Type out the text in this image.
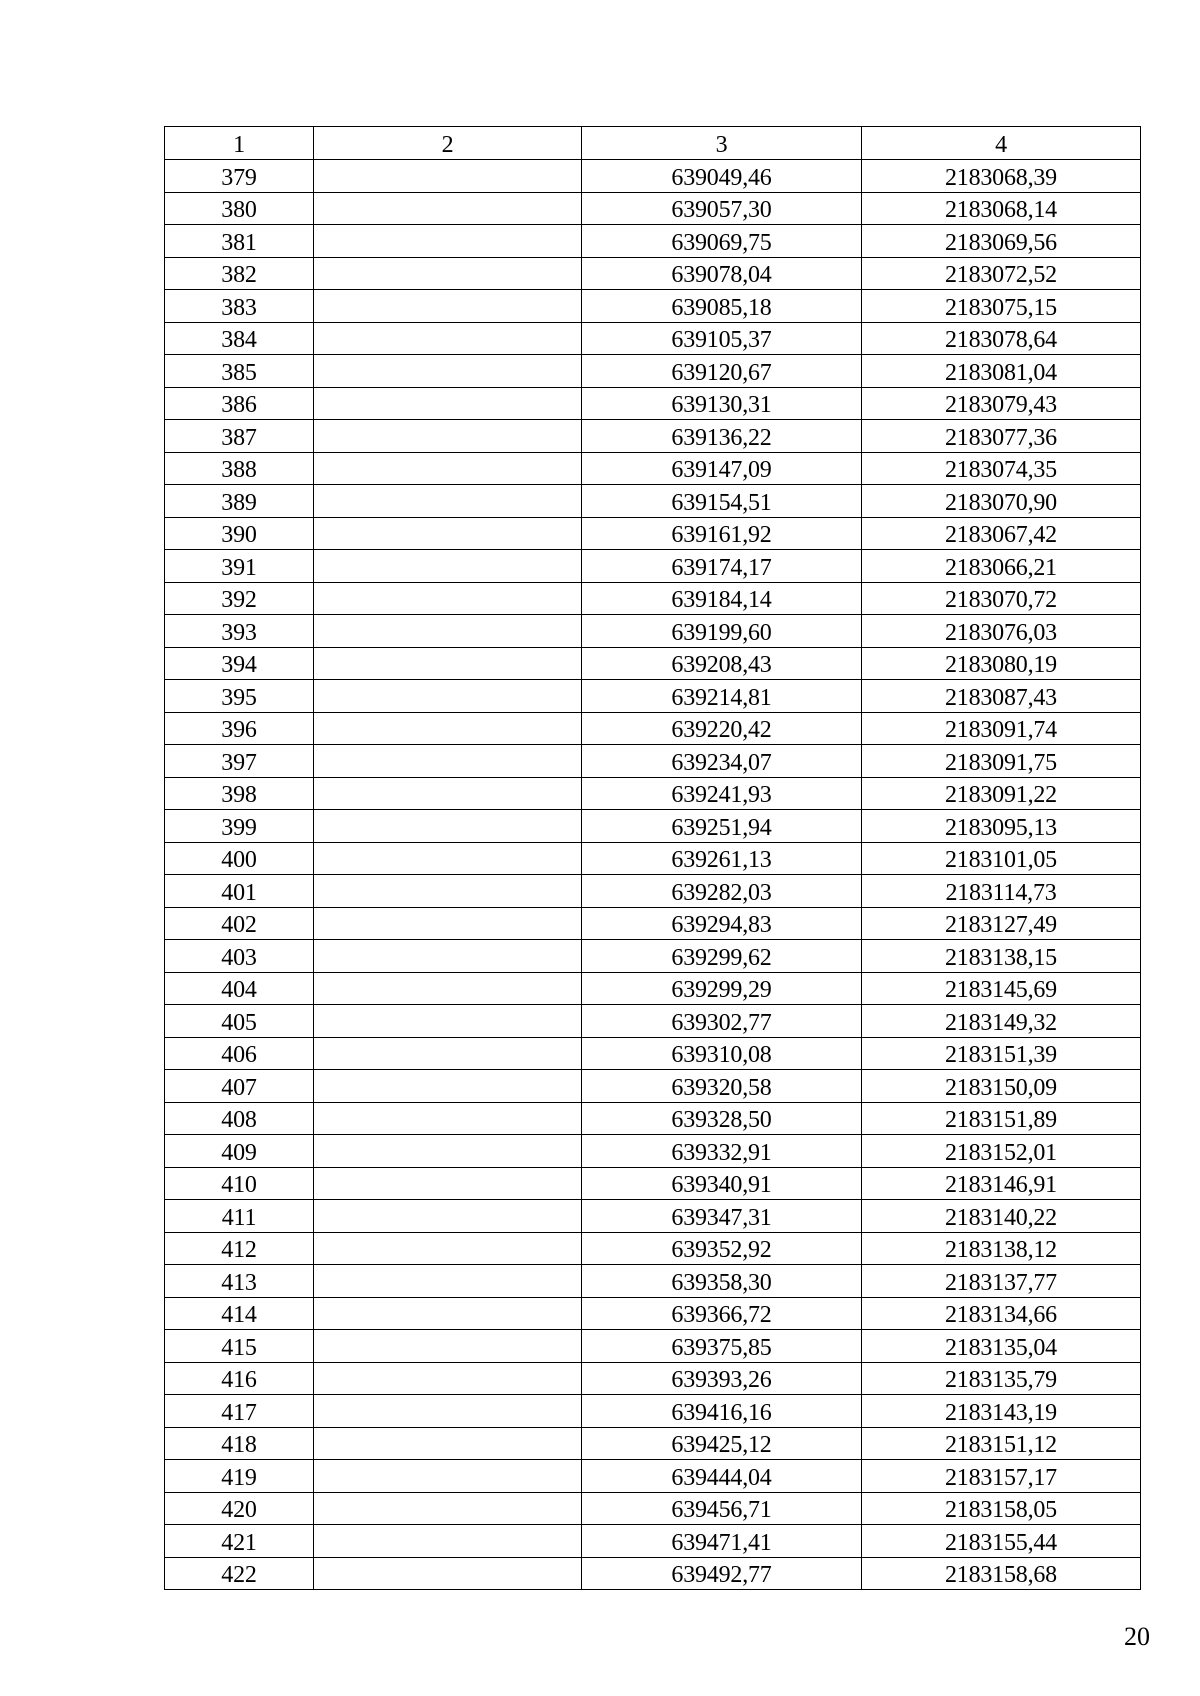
1	2	3	4
379		639049,46	2183068,39
380		639057,30	2183068,14
381		639069,75	2183069,56
382		639078,04	2183072,52
383		639085,18	2183075,15
384		639105,37	2183078,64
385		639120,67	2183081,04
386		639130,31	2183079,43
387		639136,22	2183077,36
388		639147,09	2183074,35
389		639154,51	2183070,90
390		639161,92	2183067,42
391		639174,17	2183066,21
392		639184,14	2183070,72
393		639199,60	2183076,03
394		639208,43	2183080,19
395		639214,81	2183087,43
396		639220,42	2183091,74
397		639234,07	2183091,75
398		639241,93	2183091,22
399		639251,94	2183095,13
400		639261,13	2183101,05
401		639282,03	2183114,73
402		639294,83	2183127,49
403		639299,62	2183138,15
404		639299,29	2183145,69
405		639302,77	2183149,32
406		639310,08	2183151,39
407		639320,58	2183150,09
408		639328,50	2183151,89
409		639332,91	2183152,01
410		639340,91	2183146,91
411		639347,31	2183140,22
412		639352,92	2183138,12
413		639358,30	2183137,77
414		639366,72	2183134,66
415		639375,85	2183135,04
416		639393,26	2183135,79
417		639416,16	2183143,19
418		639425,12	2183151,12
419		639444,04	2183157,17
420		639456,71	2183158,05
421		639471,41	2183155,44
422		639492,77	2183158,68
20
